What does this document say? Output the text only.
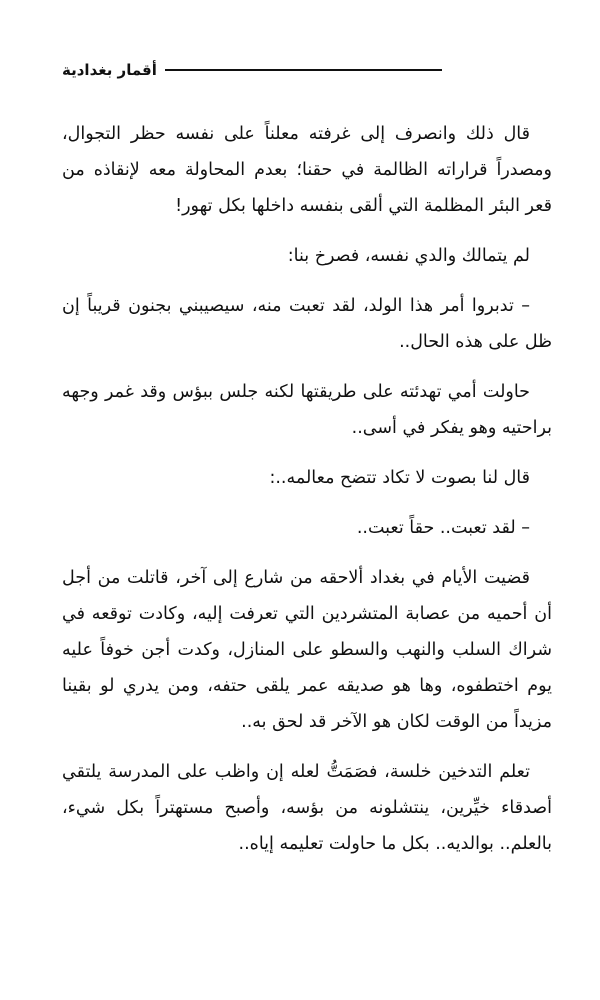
أقمار بغدادية

قال ذلك وانصرف إلى غرفته معلناً على نفسه حظر التجوال، ومصدراً قراراته الظالمة في حقنا؛ بعدم المحاولة معه لإنقاذه من قعر البئر المظلمة التي ألقى بنفسه داخلها بكل تهور!

لم يتمالك والدي نفسه، فصرخ بنا:

– تدبروا أمر هذا الولد، لقد تعبت منه، سيصيبني بجنون قريباً إن ظل على هذه الحال..

حاولت أمي تهدئته على طريقتها لكنه جلس ببؤس وقد غمر وجهه براحتيه وهو يفكر في أسى..

قال لنا بصوت لا تكاد تتضح معالمه..:

– لقد تعبت.. حقاً تعبت..

قضيت الأيام في بغداد ألاحقه من شارع إلى آخر، قاتلت من أجل أن أحميه من عصابة المتشردين التي تعرفت إليه، وكادت توقعه في شراك السلب والنهب والسطو على المنازل، وكدت أجن خوفاً عليه يوم اختطفوه، وها هو صديقه عمر يلقى حتفه، ومن يدري لو بقينا مزيداً من الوقت لكان هو الآخر قد لحق به..

تعلم التدخين خلسة، فصَمَتُّ لعله إن واظب على المدرسة يلتقي أصدقاء خيِّرين، ينتشلونه من بؤسه، وأصبح مستهتراً بكل شيء، بالعلم.. بوالديه.. بكل ما حاولت تعليمه إياه..
